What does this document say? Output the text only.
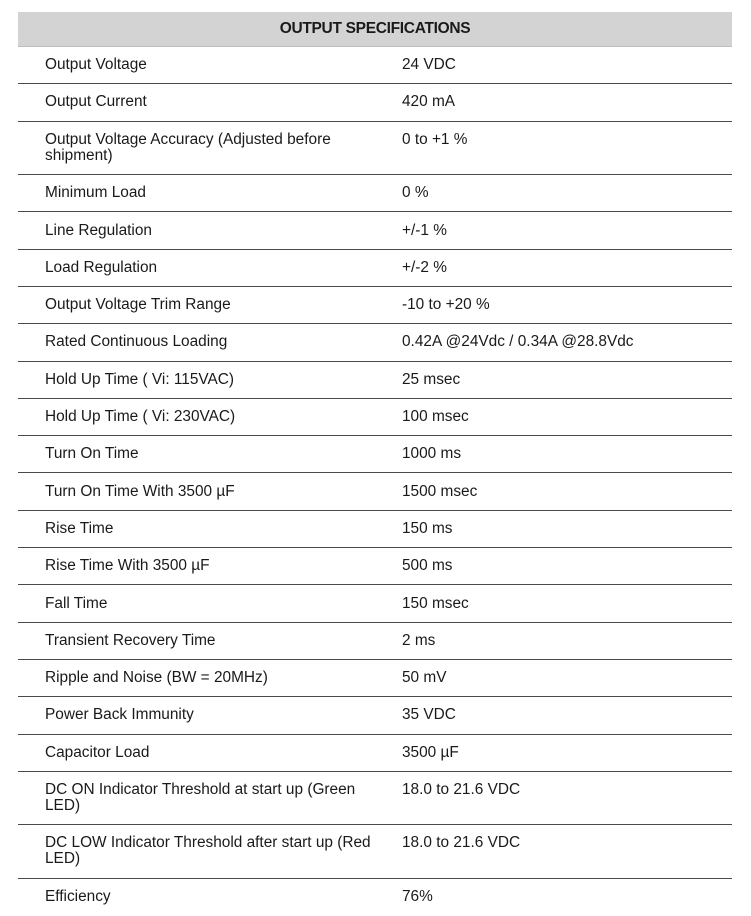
OUTPUT SPECIFICATIONS	
Output Voltage	24 VDC
Output Current	420 mA
Output Voltage Accuracy (Adjusted before shipment)	0 to +1 %
Minimum Load	0 %
Line Regulation	+/-1 %
Load Regulation	+/-2 %
Output Voltage Trim Range	-10 to +20 %
Rated Continuous Loading	0.42A @24Vdc / 0.34A @28.8Vdc
Hold Up Time ( Vi: 115VAC)	25 msec
Hold Up Time ( Vi: 230VAC)	100 msec
Turn On Time	1000 ms
Turn On Time With 3500 µF	1500 msec
Rise Time	150 ms
Rise Time With 3500 µF	500 ms
Fall Time	150 msec
Transient Recovery Time	2 ms
Ripple and Noise (BW = 20MHz)	50 mV
Power Back Immunity	35 VDC
Capacitor Load	3500 µF
DC ON Indicator Threshold at start up (Green LED)	18.0 to 21.6 VDC
DC LOW Indicator Threshold after start up (Red LED)	18.0 to 21.6 VDC
Efficiency	76%
